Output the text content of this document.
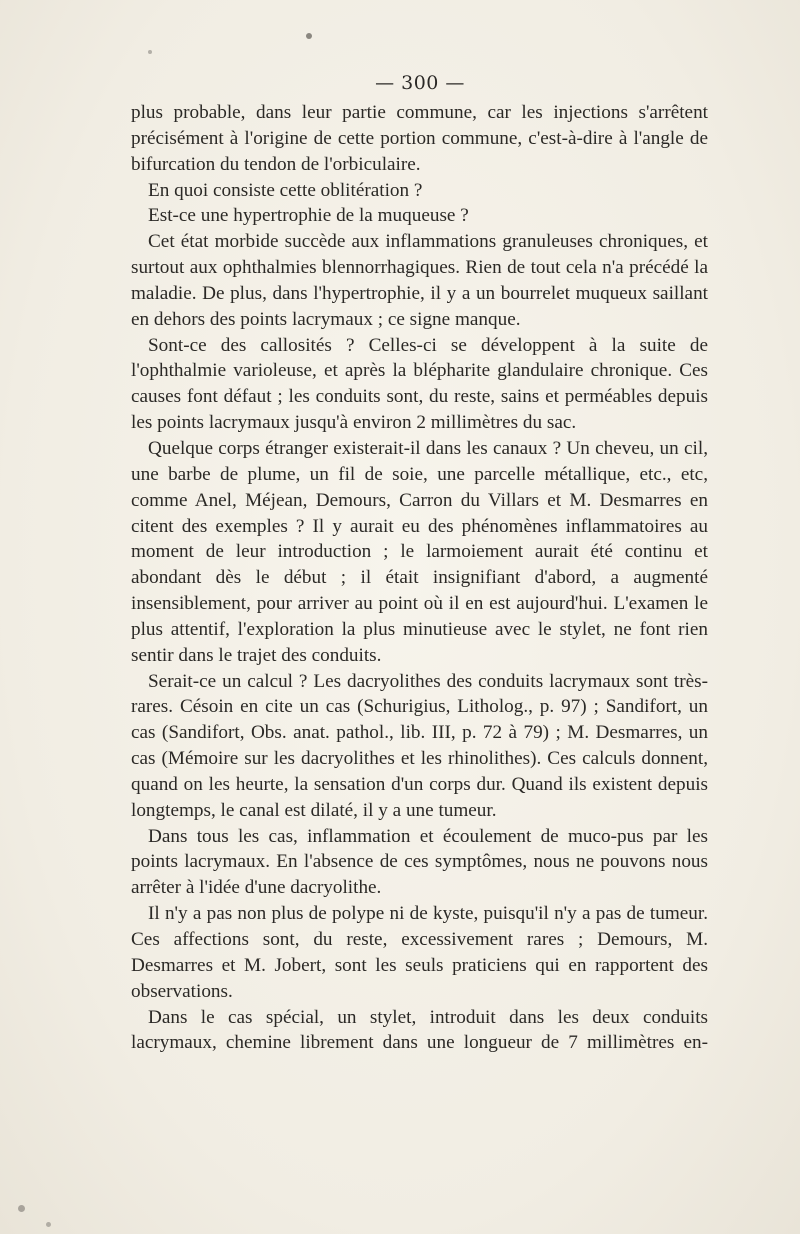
— 300 —

plus probable, dans leur partie commune, car les injections s'arrêtent précisément à l'origine de cette portion commune, c'est-à-dire à l'angle de bifurcation du tendon de l'orbiculaire.

En quoi consiste cette oblitération ?

Est-ce une hypertrophie de la muqueuse ?

Cet état morbide succède aux inflammations granuleuses chroniques, et surtout aux ophthalmies blennorrhagiques. Rien de tout cela n'a précédé la maladie. De plus, dans l'hypertrophie, il y a un bourrelet muqueux saillant en dehors des points lacrymaux ; ce signe manque.

Sont-ce des callosités ? Celles-ci se développent à la suite de l'ophthalmie varioleuse, et après la blépharite glandulaire chronique. Ces causes font défaut ; les conduits sont, du reste, sains et perméables depuis les points lacrymaux jusqu'à environ 2 millimètres du sac.

Quelque corps étranger existerait-il dans les canaux ? Un cheveu, un cil, une barbe de plume, un fil de soie, une parcelle métallique, etc., etc, comme Anel, Méjean, Demours, Carron du Villars et M. Desmarres en citent des exemples ? Il y aurait eu des phénomènes inflammatoires au moment de leur introduction ; le larmoiement aurait été continu et abondant dès le début ; il était insignifiant d'abord, a augmenté insensiblement, pour arriver au point où il en est aujourd'hui. L'examen le plus attentif, l'exploration la plus minutieuse avec le stylet, ne font rien sentir dans le trajet des conduits.

Serait-ce un calcul ? Les dacryolithes des conduits lacrymaux sont très-rares. Césoin en cite un cas (Schurigius, Litholog., p. 97) ; Sandifort, un cas (Sandifort, Obs. anat. pathol., lib. III, p. 72 à 79) ; M. Desmarres, un cas (Mémoire sur les dacryolithes et les rhinolithes). Ces calculs donnent, quand on les heurte, la sensation d'un corps dur. Quand ils existent depuis longtemps, le canal est dilaté, il y a une tumeur.

Dans tous les cas, inflammation et écoulement de muco-pus par les points lacrymaux. En l'absence de ces symptômes, nous ne pouvons nous arrêter à l'idée d'une dacryolithe.

Il n'y a pas non plus de polype ni de kyste, puisqu'il n'y a pas de tumeur. Ces affections sont, du reste, excessivement rares ; Demours, M. Desmarres et M. Jobert, sont les seuls praticiens qui en rapportent des observations.

Dans le cas spécial, un stylet, introduit dans les deux conduits lacrymaux, chemine librement dans une longueur de 7 millimètres en-
